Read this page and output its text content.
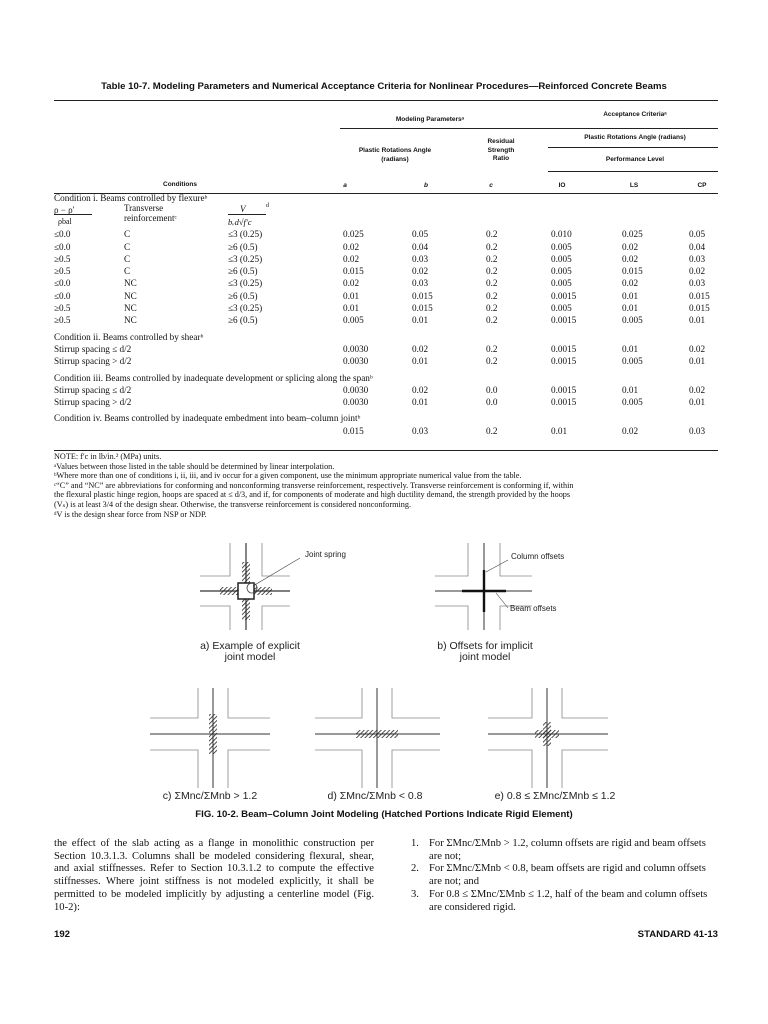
Table 10-7. Modeling Parameters and Numerical Acceptance Criteria for Nonlinear Procedures—Reinforced Concrete Beams
Modeling Parametersᵃ
Acceptance Criteriaᵃ
Plastic Rotations Angle (radians)
Plastic Rotations Angle
(radians)
Residual
Strength
Ratio	Performance Level
Conditions	a	b	c	IO	LS	CP
Condition i. Beams controlled by flexureᵇ
ρ − ρ′
ρbal
Transverse
reinforcementᶜ
V	d
bᵥd√f′c
≤0.0	C	≤3 (0.25)	0.025	0.05	0.2	0.010	0.025	0.05
≤0.0	C	≥6 (0.5)	0.02	0.04	0.2	0.005	0.02	0.04
≥0.5	C	≤3 (0.25)	0.02	0.03	0.2	0.005	0.02	0.03
≥0.5	C	≥6 (0.5)	0.015	0.02	0.2	0.005	0.015	0.02
≤0.0	NC	≤3 (0.25)	0.02	0.03	0.2	0.005	0.02	0.03
≤0.0	NC	≥6 (0.5)	0.01	0.015	0.2	0.0015	0.01	0.015
≥0.5	NC	≤3 (0.25)	0.01	0.015	0.2	0.005	0.01	0.015
≥0.5	NC	≥6 (0.5)	0.005	0.01	0.2	0.0015	0.005	0.01
Condition ii. Beams controlled by shearᵇ
Stirrup spacing ≤ d/2	0.0030	0.02	0.2	0.0015	0.01	0.02
Stirrup spacing > d/2	0.0030	0.01	0.2	0.0015	0.005	0.01
Condition iii. Beams controlled by inadequate development or splicing along the spanᵇ
Stirrup spacing ≤ d/2	0.0030	0.02	0.0	0.0015	0.01	0.02
Stirrup spacing > d/2	0.0030	0.01	0.0	0.0015	0.005	0.01
Condition iv. Beams controlled by inadequate embedment into beam–column jointᵇ
0.015	0.03	0.2	0.01	0.02	0.03
NOTE: f′c in lb/in.² (MPa) units.
ᵃValues between those listed in the table should be determined by linear interpolation.
ᵇWhere more than one of conditions i, ii, iii, and iv occur for a given component, use the minimum appropriate numerical value from the table.
ᶜ“C” and “NC” are abbreviations for conforming and nonconforming transverse reinforcement, respectively. Transverse reinforcement is conforming if, within
the flexural plastic hinge region, hoops are spaced at ≤ d/3, and if, for components of moderate and high ductility demand, the strength provided by the hoops
(Vₛ) is at least 3/4 of the design shear. Otherwise, the transverse reinforcement is considered nonconforming.
ᵈV is the design shear force from NSP or NDP.
Joint spring	Column offsets
Beam offsets
a) Example of explicit
joint model
b) Offsets for implicit
joint model
c) ΣMnc/ΣMnb > 1.2	d) ΣMnc/ΣMnb < 0.8	e) 0.8 ≤ ΣMnc/ΣMnb ≤ 1.2
FIG. 10-2. Beam–Column Joint Modeling (Hatched Portions Indicate Rigid Element)
the effect of the slab acting as a flange in monolithic construction per Section 10.3.1.3. Columns shall be modeled considering flexural, shear, and axial stiffnesses. Refer to Section 10.3.1.2 to compute the effective stiffnesses. Where joint stiffness is not modeled explicitly, it shall be permitted to be modeled implicitly by adjusting a centerline model (Fig. 10-2):
1. For ΣMnc/ΣMnb > 1.2, column offsets are rigid and beam offsets are not;
2. For ΣMnc/ΣMnb < 0.8, beam offsets are rigid and column offsets are not; and
3. For 0.8 ≤ ΣMnc/ΣMnb ≤ 1.2, half of the beam and column offsets are considered rigid.
192	STANDARD 41-13
